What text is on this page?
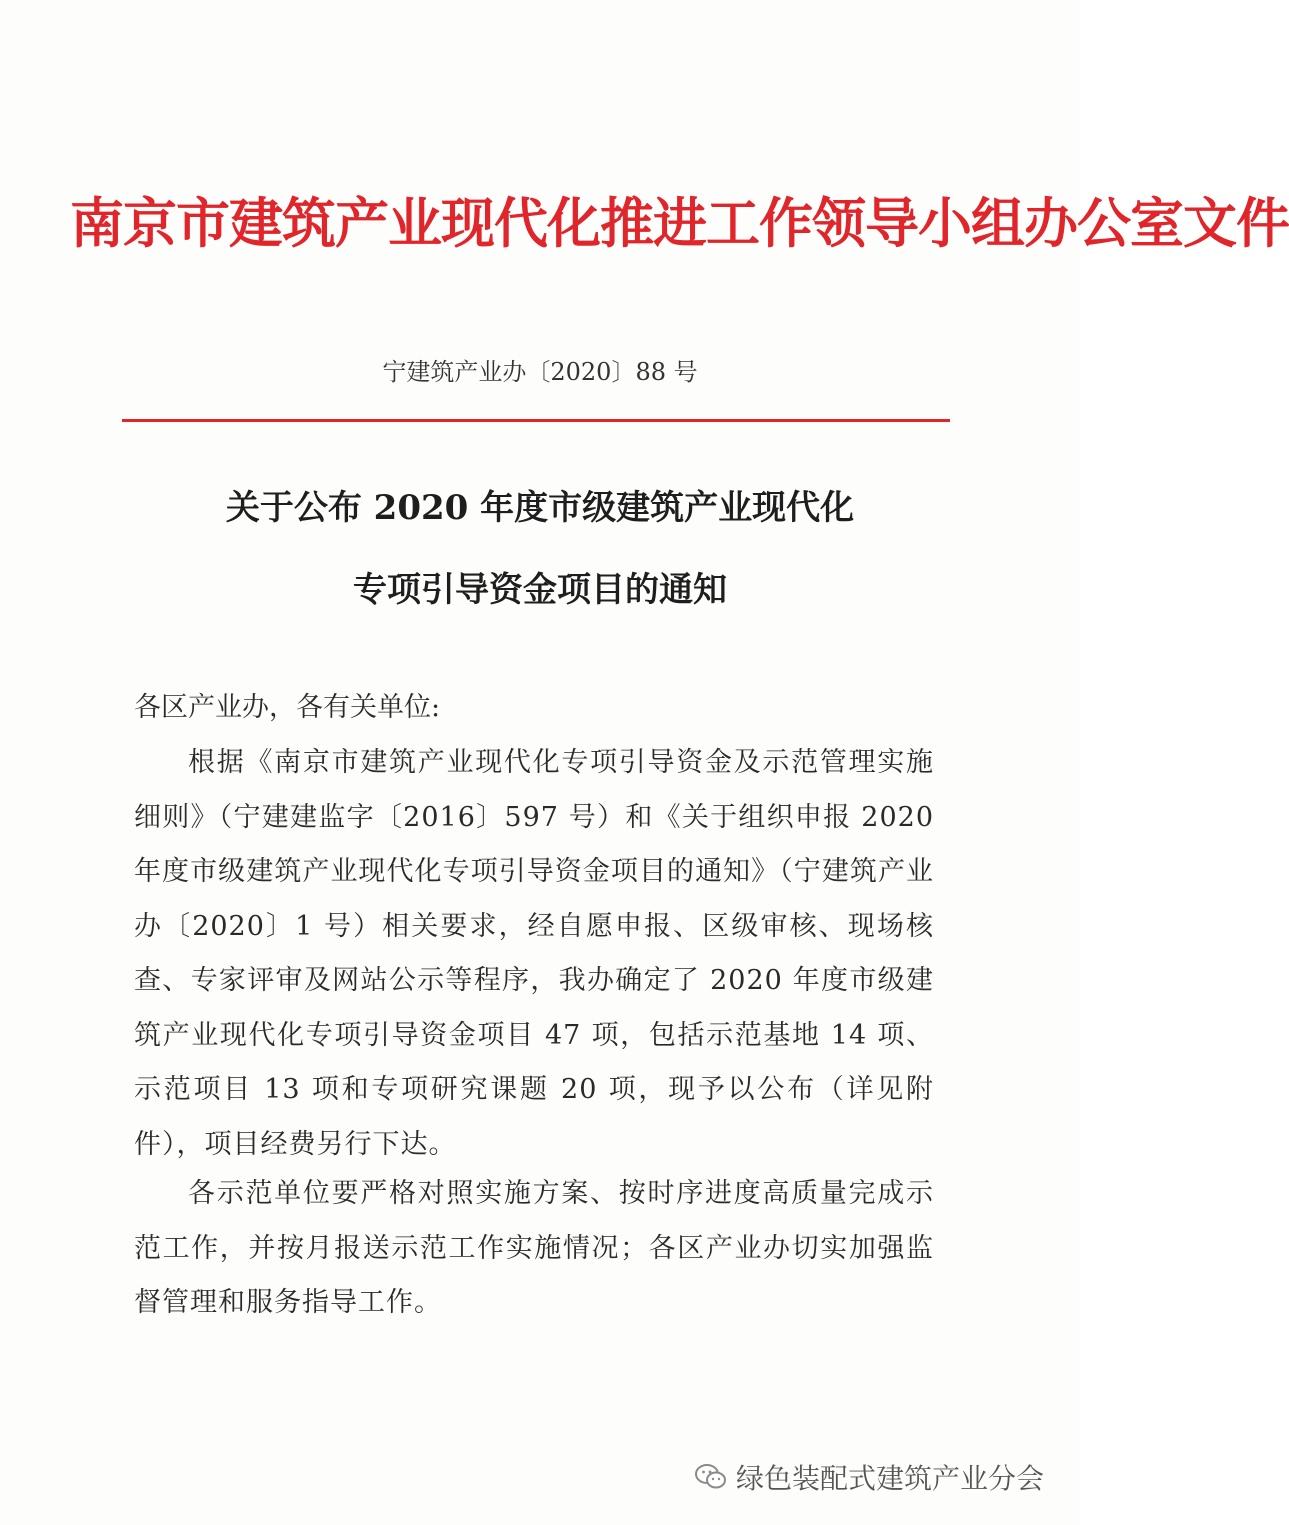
南京市建筑产业现代化推进工作领导小组办公室文件
宁建筑产业办〔2020〕88 号
关于公布 2020 年度市级建筑产业现代化
专项引导资金项目的通知
各区产业办，各有关单位:

根据《南京市建筑产业现代化专项引导资金及示范管理实施细则》（宁建建监字〔2016〕597 号）和《关于组织申报 2020 年度市级建筑产业现代化专项引导资金项目的通知》（宁建筑产业办〔2020〕1 号）相关要求，经自愿申报、区级审核、现场核查、专家评审及网站公示等程序，我办确定了 2020 年度市级建筑产业现代化专项引导资金项目 47 项，包括示范基地 14 项、示范项目 13 项和专项研究课题 20 项，现予以公布（详见附件），项目经费另行下达。

各示范单位要严格对照实施方案、按时序进度高质量完成示范工作，并按月报送示范工作实施情况；各区产业办切实加强监督管理和服务指导工作。

绿色装配式建筑产业分会
